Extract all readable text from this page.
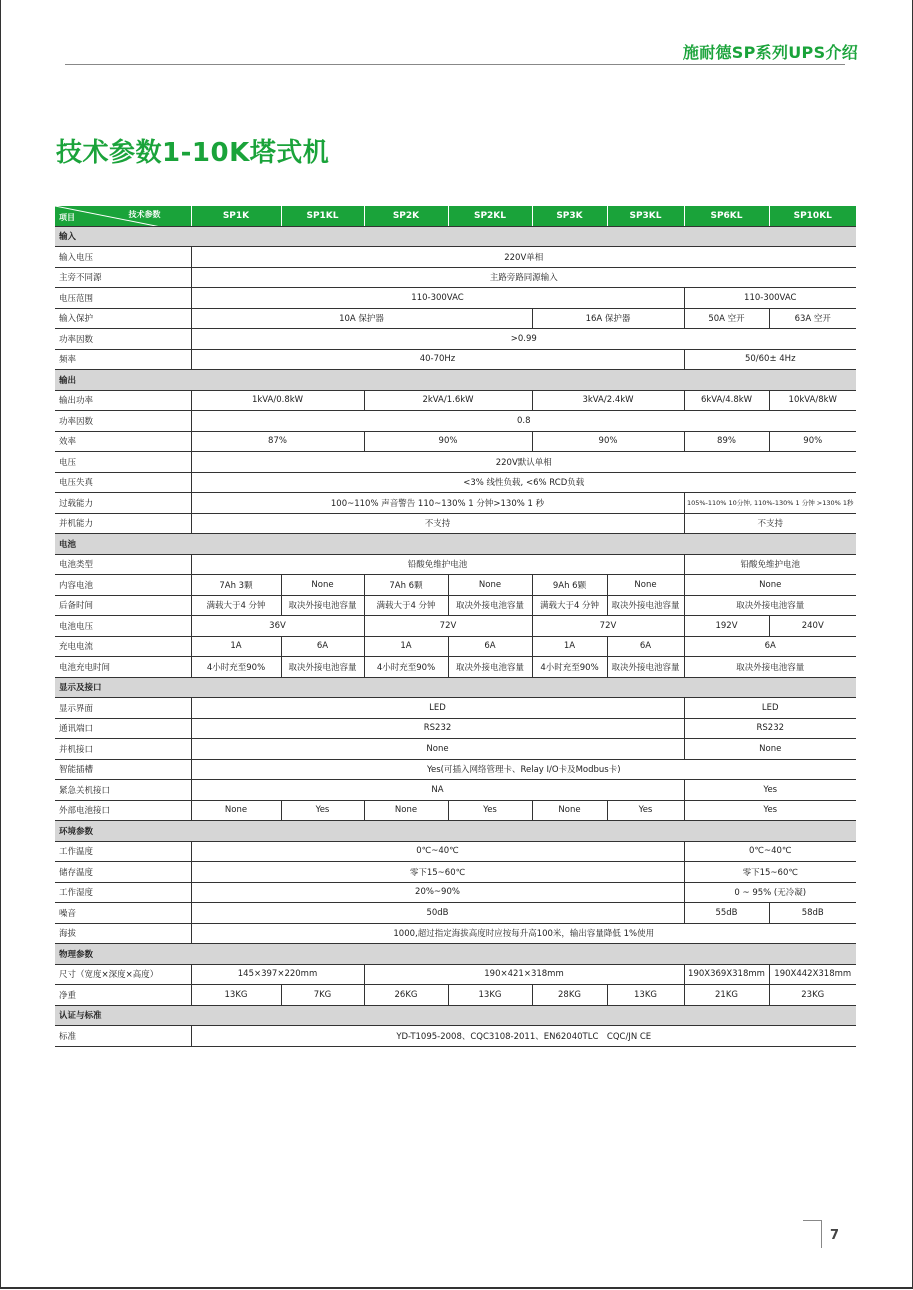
施耐德SP系列UPS介绍
技术参数1-10K塔式机
技术参数
项目	SP1K	SP1KL	SP2K	SP2KL	SP3K	SP3KL	SP6KL	SP10KL
输入								
输入电压	220V单相							
主旁不同源	主路旁路同源输入							
电压范围	110-300VAC						110-300VAC	
输入保护	10A 保护器				16A 保护器		50A 空开	63A 空开
功率因数	>0.99							
频率	40-70Hz						50/60± 4Hz	
输出								
输出功率	1kVA/0.8kW		2kVA/1.6kW		3kVA/2.4kW		6kVA/4.8kW	10kVA/8kW
功率因数	0.8							
效率	87%		90%		90%		89%	90%
电压	220V默认单相							
电压失真	<3% 线性负载, <6% RCD负载							
过载能力	100~110% 声音警告 110~130% 1 分钟>130% 1 秒						105%-110% 10分钟, 110%-130% 1 分钟 >130% 1秒	
并机能力	不支持						不支持	
电池								
电池类型	铅酸免维护电池						铅酸免维护电池	
内容电池	7Ah 3颗	None	7Ah 6颗	None	9Ah 6颗	None	None	
后备时间	满载大于4 分钟	取决外接电池容量	满载大于4 分钟	取决外接电池容量	满载大于4 分钟	取决外接电池容量	取决外接电池容量	
电池电压	36V		72V		72V		192V	240V
充电电流	1A	6A	1A	6A	1A	6A	6A	
电池充电时间	4小时充至90%	取决外接电池容量	4小时充至90%	取决外接电池容量	4小时充至90%	取决外接电池容量	取决外接电池容量	
显示及接口								
显示界面	LED						LED	
通讯端口	RS232						RS232	
并机接口	None						None	
智能插槽	Yes(可插入网络管理卡、Relay I/O卡及Modbus卡)							
紧急关机接口	NA						Yes	
外部电池接口	None	Yes	None	Yes	None	Yes	Yes	
环境参数								
工作温度	0℃~40℃						0℃~40℃	
储存温度	零下15~60℃						零下15~60℃	
工作湿度	20%~90%						0 ~ 95% (无冷凝)	
噪音	50dB						55dB	58dB
海拔	1000,超过指定海拔高度时应按每升高100米，输出容量降低 1%使用							
物理参数								
尺寸（宽度×深度×高度）	145×397×220mm		190×421×318mm				190X369X318mm	190X442X318mm
净重	13KG	7KG	26KG	13KG	28KG	13KG	21KG	23KG
认证与标准								
标准	YD-T1095-2008、CQC3108-2011、EN62040TLC　CQC/JN CE							
7
